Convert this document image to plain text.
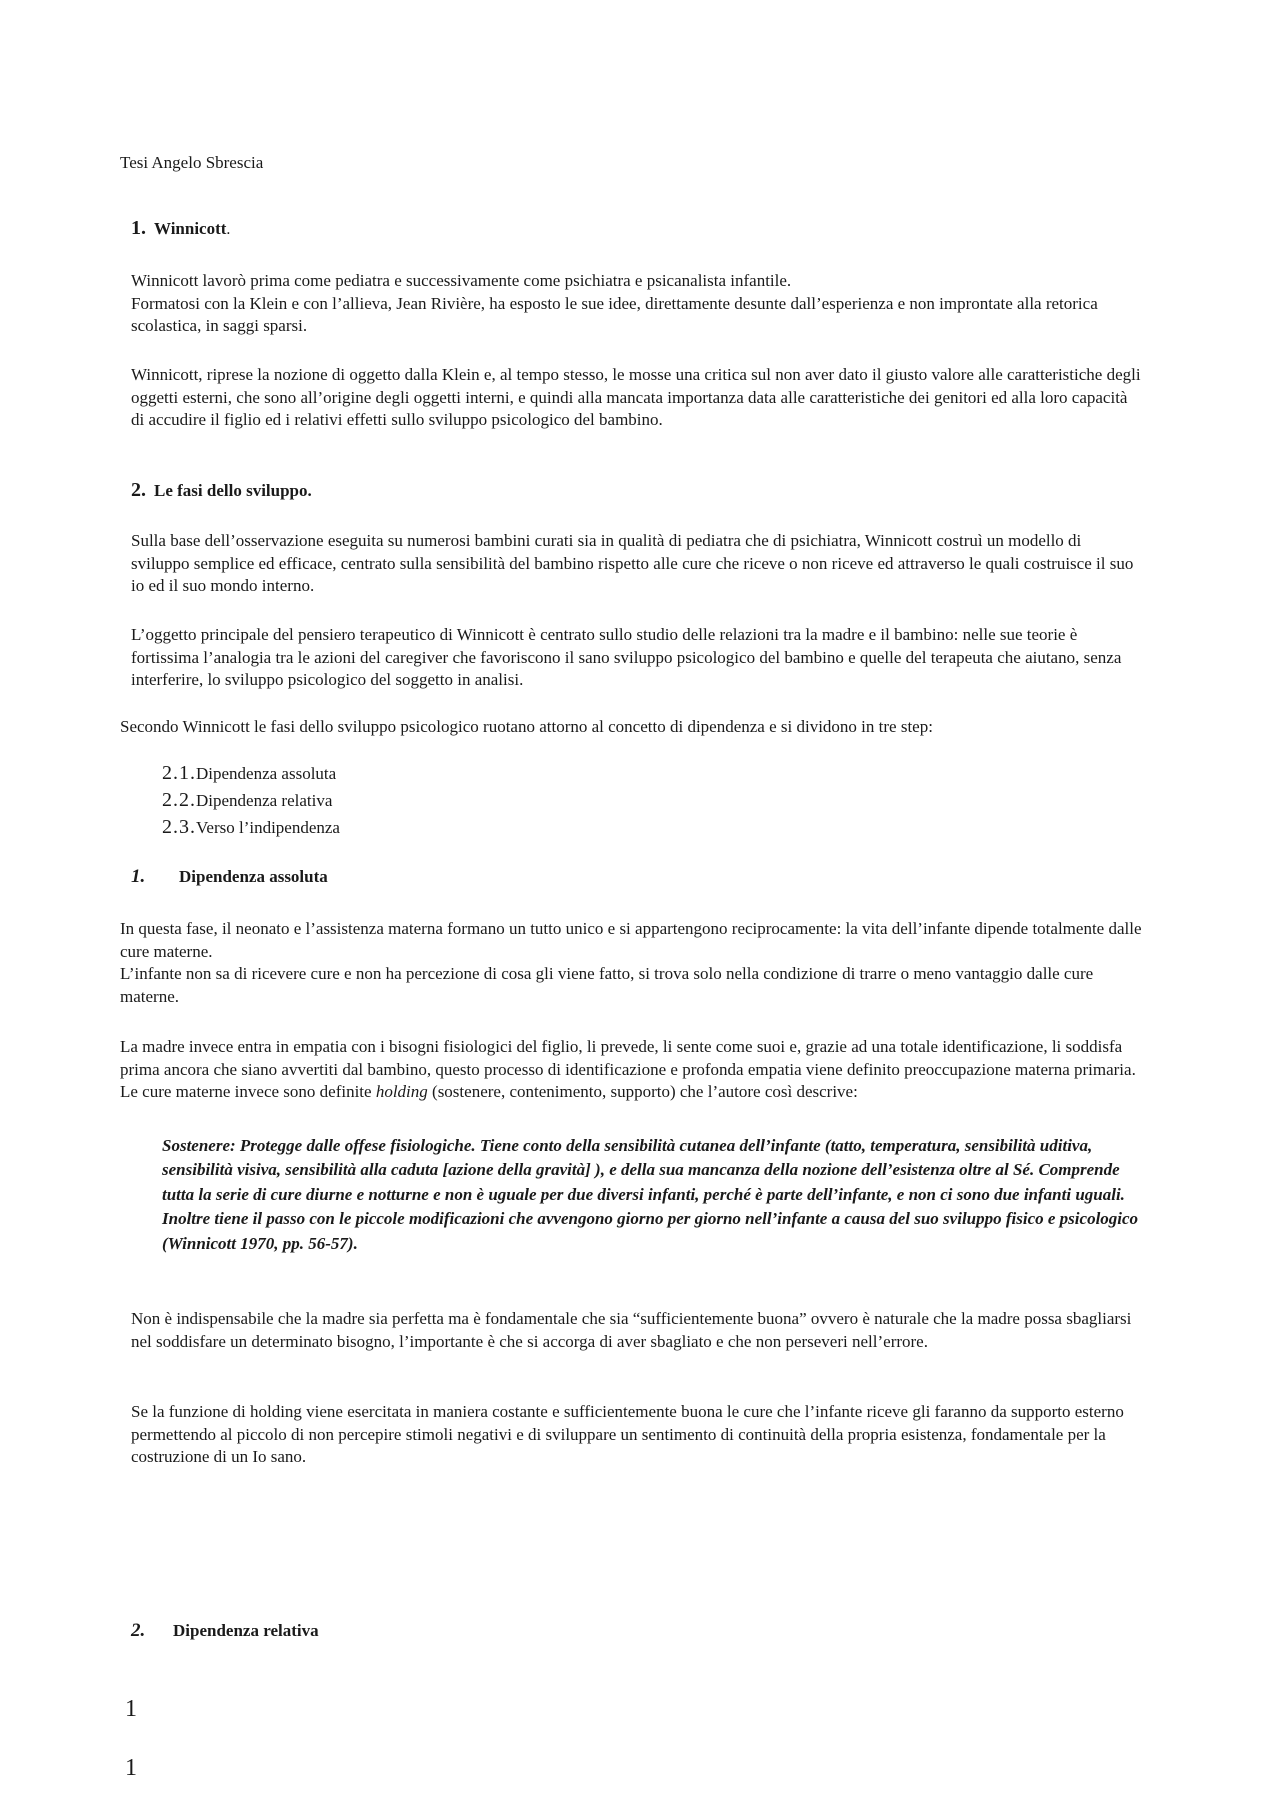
Tesi Angelo Sbrescia
1. Winnicott.
Winnicott lavorò prima come pediatra e successivamente come psichiatra e psicanalista infantile.
Formatosi con la Klein e con l’allieva, Jean Rivière, ha esposto le sue idee, direttamente desunte dall’esperienza e non improntate alla retorica scolastica, in saggi sparsi.
Winnicott, riprese la nozione di oggetto dalla Klein e, al tempo stesso, le mosse una critica sul non aver dato il giusto valore alle caratteristiche degli oggetti esterni, che sono all’origine degli oggetti interni, e quindi alla mancata importanza data alle caratteristiche dei genitori ed alla loro capacità di accudire il figlio ed i relativi effetti sullo sviluppo psicologico del bambino.
2. Le fasi dello sviluppo.
Sulla base dell’osservazione eseguita su numerosi bambini curati sia in qualità di pediatra che di psichiatra, Winnicott costruì un modello di sviluppo semplice ed efficace, centrato sulla sensibilità del bambino rispetto alle cure che riceve o non riceve ed attraverso le quali costruisce il suo io ed il suo mondo interno.
L’oggetto principale del pensiero terapeutico di Winnicott è centrato sullo studio delle relazioni tra la madre e il bambino: nelle sue teorie è fortissima l’analogia tra le azioni del caregiver che favoriscono il sano sviluppo psicologico del bambino e quelle del terapeuta che aiutano, senza interferire, lo sviluppo psicologico del soggetto in analisi.
Secondo Winnicott le fasi dello sviluppo psicologico ruotano attorno al concetto di dipendenza e si dividono in tre step:
2.1.Dipendenza assoluta
2.2.Dipendenza relativa
2.3.Verso l’indipendenza
1. Dipendenza assoluta
In questa fase, il neonato e l’assistenza materna formano un tutto unico e si appartengono reciprocamente: la vita dell’infante dipende totalmente dalle cure materne.
L’infante non sa di ricevere cure e non ha percezione di cosa gli viene fatto, si trova solo nella condizione di trarre o meno vantaggio dalle cure materne.
La madre invece entra in empatia con i bisogni fisiologici del figlio, li prevede, li sente come suoi e, grazie ad una totale identificazione, li soddisfa prima ancora che siano avvertiti dal bambino, questo processo di identificazione e profonda empatia viene definito preoccupazione materna primaria. Le cure materne invece sono definite holding (sostenere, contenimento, supporto) che l’autore così descrive:
Sostenere: Protegge dalle offese fisiologiche. Tiene conto della sensibilità cutanea dell’infante (tatto, temperatura, sensibilità uditiva, sensibilità visiva, sensibilità alla caduta [azione della gravità] ), e della sua mancanza della nozione dell’esistenza oltre al Sé. Comprende tutta la serie di cure diurne e notturne e non è uguale per due diversi infanti, perché è parte dell’infante, e non ci sono due infanti uguali. Inoltre tiene il passo con le piccole modificazioni che avvengono giorno per giorno nell’infante a causa del suo sviluppo fisico e psicologico (Winnicott 1970, pp. 56-57).
Non è indispensabile che la madre sia perfetta ma è fondamentale che sia “sufficientemente buona” ovvero è naturale che la madre possa sbagliarsi nel soddisfare un determinato bisogno, l’importante è che si accorga di aver sbagliato e che non perseveri nell’errore.
Se la funzione di holding viene esercitata in maniera costante e sufficientemente buona le cure che l’infante riceve gli faranno da supporto esterno permettendo al piccolo di non percepire stimoli negativi e di sviluppare un sentimento di continuità della propria esistenza, fondamentale per la costruzione di un Io sano.
2. Dipendenza relativa
1
1
